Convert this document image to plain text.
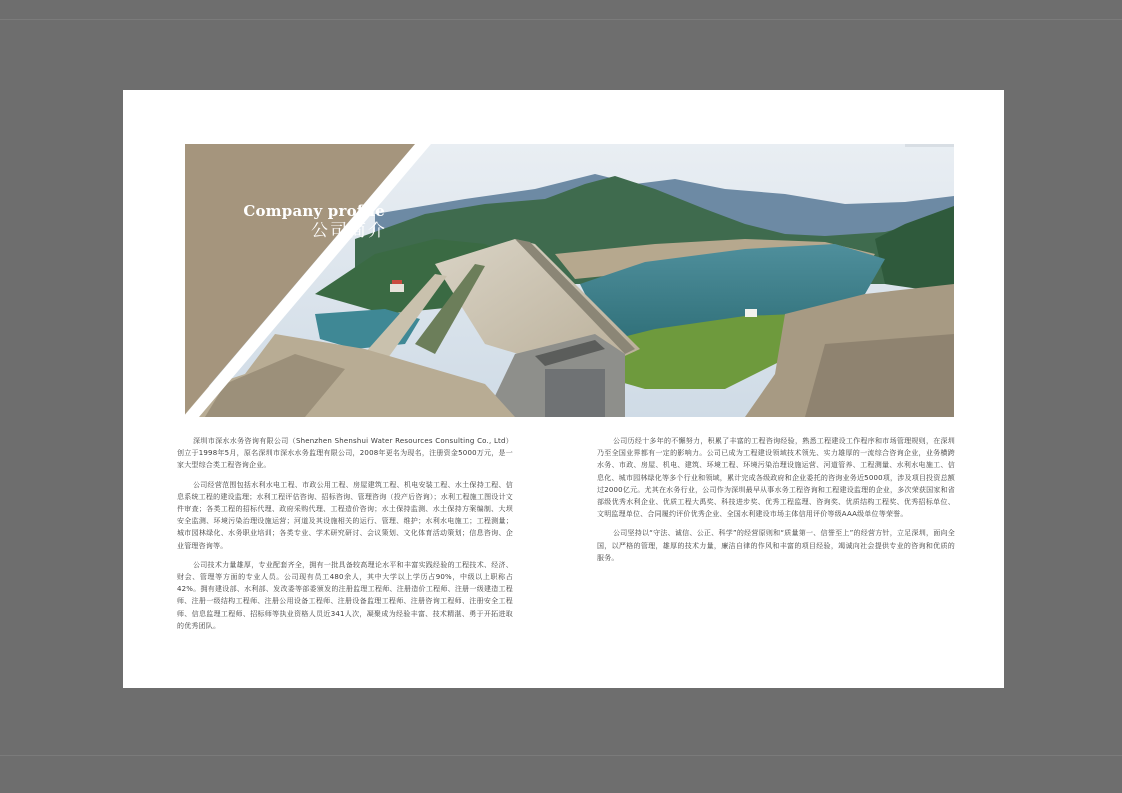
Company profile
公司简介

深圳市深水水务咨询有限公司（Shenzhen Shenshui Water Resources Consulting Co., Ltd）创立于1998年5月，原名深圳市深水水务监理有限公司，2008年更名为现名，注册资金5000万元，是一家大型综合类工程咨询企业。

公司经营范围包括水利水电工程、市政公用工程、房屋建筑工程、机电安装工程、水土保持工程、信息系统工程的建设监理；水利工程评估咨询、招标咨询、管理咨询（投产后咨询）；水利工程施工图设计文件审查；各类工程的招标代理、政府采购代理、工程造价咨询；水土保持监测、水土保持方案编制、大坝安全监测、环境污染治理设施运营；河道及其设施相关的运行、管理、维护；水利水电施工；工程测量；城市园林绿化、水务职业培训；各类专业、学术研究研讨、会议策划、文化体育活动策划；信息咨询、企业管理咨询等。

公司技术力量雄厚，专业配套齐全，拥有一批具备较高理论水平和丰富实践经验的工程技术、经济、财会、管理等方面的专业人员。公司现有员工480余人，其中大学以上学历占90%，中级以上职称占42%。拥有建设部、水利部、发改委等部委颁发的注册监理工程师、注册造价工程师、注册一级建造工程师、注册一级结构工程师、注册公用设备工程师、注册设备监理工程师、注册咨询工程师、注册安全工程师、信息监理工程师、招标师等执业资格人员近341人次，凝聚成为经验丰富、技术精湛、勇于开拓进取的优秀团队。

公司历经十多年的不懈努力，积累了丰富的工程咨询经验，熟悉工程建设工作程序和市场管理规则，在深圳乃至全国业界都有一定的影响力。公司已成为工程建设领域技术领先、实力雄厚的一流综合咨询企业，业务横跨水务、市政、房屋、机电、建筑、环境工程、环境污染治理设施运营、河道管养、工程测量、水利水电施工、信息化、城市园林绿化等多个行业和领域，累计完成各级政府和企业委托的咨询业务近5000项，涉及项目投资总额过2000亿元。尤其在水务行业，公司作为深圳最早从事水务工程咨询和工程建设监理的企业，多次荣获国家和省部级优秀水利企业、优质工程大禹奖、科技进步奖、优秀工程监理、咨询奖、优质结构工程奖、优秀招标单位、文明监理单位、合同履约评价优秀企业、全国水利建设市场主体信用评价等级AAA级单位等荣誉。

公司坚持以“守法、诚信、公正、科学”的经营原则和“质量第一、信誉至上”的经营方针，立足深圳，面向全国，以严格的管理，雄厚的技术力量，廉洁自律的作风和丰富的项目经验，竭诚向社会提供专业的咨询和优质的服务。
